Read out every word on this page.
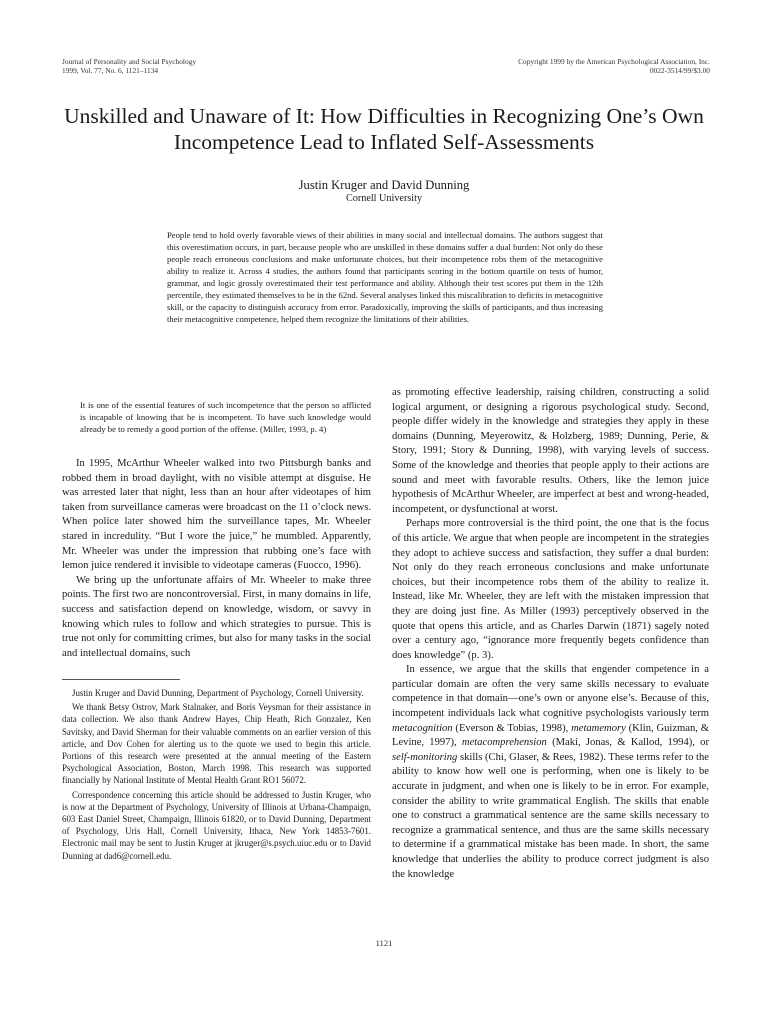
Journal of Personality and Social Psychology
1999, Vol. 77, No. 6, 1121–1134
Copyright 1999 by the American Psychological Association, Inc.
0022-3514/99/$3.00
Unskilled and Unaware of It: How Difficulties in Recognizing One’s Own
Incompetence Lead to Inflated Self-Assessments
Justin Kruger and David Dunning
Cornell University

People tend to hold overly favorable views of their abilities in many social and intellectual domains. The authors suggest that this overestimation occurs, in part, because people who are unskilled in these domains suffer a dual burden: Not only do these people reach erroneous conclusions and make unfortunate choices, but their incompetence robs them of the metacognitive ability to realize it. Across 4 studies, the authors found that participants scoring in the bottom quartile on tests of humor, grammar, and logic grossly overestimated their test performance and ability. Although their test scores put them in the 12th percentile, they estimated themselves to be in the 62nd. Several analyses linked this miscalibration to deficits in metacognitive skill, or the capacity to distinguish accuracy from error. Paradoxically, improving the skills of participants, and thus increasing their metacognitive competence, helped them recognize the limitations of their abilities.

It is one of the essential features of such incompetence that the person so afflicted is incapable of knowing that he is incompetent. To have such knowledge would already be to remedy a good portion of the offense. (Miller, 1993, p. 4)

In 1995, McArthur Wheeler walked into two Pittsburgh banks and robbed them in broad daylight, with no visible attempt at disguise. He was arrested later that night, less than an hour after videotapes of him taken from surveillance cameras were broadcast on the 11 o’clock news. When police later showed him the surveillance tapes, Mr. Wheeler stared in incredulity. “But I wore the juice,” he mumbled. Apparently, Mr. Wheeler was under the impression that rubbing one’s face with lemon juice rendered it invisible to videotape cameras (Fuocco, 1996).

We bring up the unfortunate affairs of Mr. Wheeler to make three points. The first two are noncontroversial. First, in many domains in life, success and satisfaction depend on knowledge, wisdom, or savvy in knowing which rules to follow and which strategies to pursue. This is true not only for committing crimes, but also for many tasks in the social and intellectual domains, such

Justin Kruger and David Dunning, Department of Psychology, Cornell University.

We thank Betsy Ostrov, Mark Stalnaker, and Boris Veysman for their assistance in data collection. We also thank Andrew Hayes, Chip Heath, Rich Gonzalez, Ken Savitsky, and David Sherman for their valuable comments on an earlier version of this article, and Dov Cohen for alerting us to the quote we used to begin this article. Portions of this research were presented at the annual meeting of the Eastern Psychological Association, Boston, March 1998. This research was supported financially by National Institute of Mental Health Grant RO1 56072.

Correspondence concerning this article should be addressed to Justin Kruger, who is now at the Department of Psychology, University of Illinois at Urbana-Champaign, 603 East Daniel Street, Champaign, Illinois 61820, or to David Dunning, Department of Psychology, Uris Hall, Cornell University, Ithaca, New York 14853-7601. Electronic mail may be sent to Justin Kruger at jkruger@s.psych.uiuc.edu or to David Dunning at dad6@cornell.edu.

as promoting effective leadership, raising children, constructing a solid logical argument, or designing a rigorous psychological study. Second, people differ widely in the knowledge and strategies they apply in these domains (Dunning, Meyerowitz, & Holzberg, 1989; Dunning, Perie, & Story, 1991; Story & Dunning, 1998), with varying levels of success. Some of the knowledge and theories that people apply to their actions are sound and meet with favorable results. Others, like the lemon juice hypothesis of McArthur Wheeler, are imperfect at best and wrong-headed, incompetent, or dysfunctional at worst.

Perhaps more controversial is the third point, the one that is the focus of this article. We argue that when people are incompetent in the strategies they adopt to achieve success and satisfaction, they suffer a dual burden: Not only do they reach erroneous conclusions and make unfortunate choices, but their incompetence robs them of the ability to realize it. Instead, like Mr. Wheeler, they are left with the mistaken impression that they are doing just fine. As Miller (1993) perceptively observed in the quote that opens this article, and as Charles Darwin (1871) sagely noted over a century ago, “ignorance more frequently begets confidence than does knowledge” (p. 3).

In essence, we argue that the skills that engender competence in a particular domain are often the very same skills necessary to evaluate competence in that domain—one’s own or anyone else’s. Because of this, incompetent individuals lack what cognitive psychologists variously term metacognition (Everson & Tobias, 1998), metamemory (Klin, Guizman, & Levine, 1997), metacomprehension (Maki, Jonas, & Kallod, 1994), or self-monitoring skills (Chi, Glaser, & Rees, 1982). These terms refer to the ability to know how well one is performing, when one is likely to be accurate in judgment, and when one is likely to be in error. For example, consider the ability to write grammatical English. The skills that enable one to construct a grammatical sentence are the same skills necessary to recognize a grammatical sentence, and thus are the same skills necessary to determine if a grammatical mistake has been made. In short, the same knowledge that underlies the ability to produce correct judgment is also the knowledge

1121
